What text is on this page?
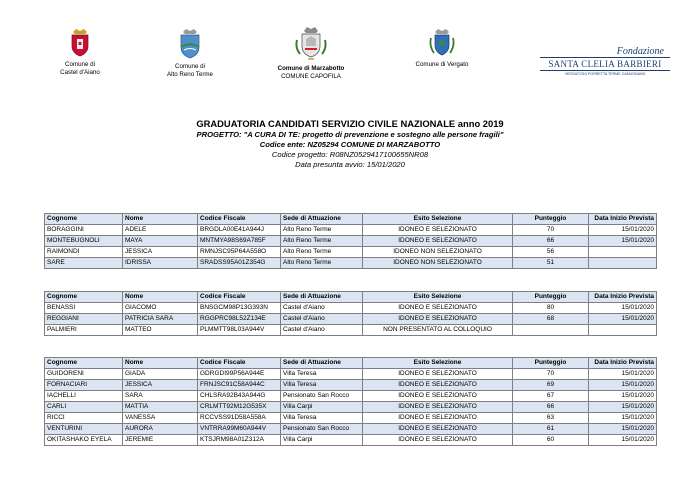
Comune di
Castel d'Aiano
Comune di
Alto Reno Terme
Comune di Marzabotto
COMUNE CAPOFILA
Comune di Vergato
Fondazione
SANTA CLELIA BARBIERI
VERGATOSO PORRETTA TERME CAMUGNANO
GRADUATORIA CANDIDATI SERVIZIO CIVILE NAZIONALE anno 2019
PROGETTO: "A CURA DI TE: progetto di prevenzione e sostegno alle persone fragili"
Codice ente: NZ05294 COMUNE DI MARZABOTTO
Codice progetto: R08NZ0529417100655NR08
Data presunta avvio: 15/01/2020
Cognome	Nome	Codice Fiscale	Sede di Attuazione	Esito Selezione	Punteggio	Data Inizio Prevista
BORAGGINI	ADELE	BRGDLA00E41A944J	Alto Reno Terme	IDONEO E SELEZIONATO	70	15/01/2020
MONTEBUGNOLI	MAYA	MNTMYA98S69A785F	Alto Reno Terme	IDONEO E SELEZIONATO	66	15/01/2020
RAIMONDI	JESSICA	RMNJSC95P64A558O	Alto Reno Terme	IDONEO NON SELEZIONATO	56	
SARE	IDRISSA	SRADSS95A01Z354G	Alto Reno Terme	IDONEO NON SELEZIONATO	51	
Cognome	Nome	Codice Fiscale	Sede di Attuazione	Esito Selezione	Punteggio	Data Inizio Prevista
BENASSI	GIACOMO	BNSGCM98P13G393N	Castel d'Aiano	IDONEO E SELEZIONATO	80	15/01/2020
REGGIANI	PATRICIA SARA	RGGPRC98L52Z134E	Castel d'Aiano	IDONEO E SELEZIONATO	68	15/01/2020
PALMIERI	MATTEO	PLMMTT98L03A944V	Castel d'Aiano	NON PRESENTATO AL COLLOQUIO		
Cognome	Nome	Codice Fiscale	Sede di Attuazione	Esito Selezione	Punteggio	Data Inizio Prevista
GUIDORENI	GIADA	GDRGDI99P56A944E	Villa Teresa	IDONEO E SELEZIONATO	70	15/01/2020
FORNACIARI	JESSICA	FRNJSC91C58A944C	Villa Teresa	IDONEO E SELEZIONATO	69	15/01/2020
IACHELLI	SARA	CHLSRA92B43A944G	Pensionato San Rocco	IDONEO E SELEZIONATO	67	15/01/2020
CARLI	MATTIA	CRLMTT92M12G535X	Villa Carpi	IDONEO E SELEZIONATO	66	15/01/2020
RICCI	VANESSA	RCCVSS91D58A558A	Villa Teresa	IDONEO E SELEZIONATO	63	15/01/2020
VENTURINI	AURORA	VNTRRA99M60A944V	Pensionato San Rocco	IDONEO E SELEZIONATO	61	15/01/2020
OKITASHAKO EYELA	JEREMIE	KTSJRM98A01Z312A	Villa Carpi	IDONEO E SELEZIONATO	60	15/01/2020
